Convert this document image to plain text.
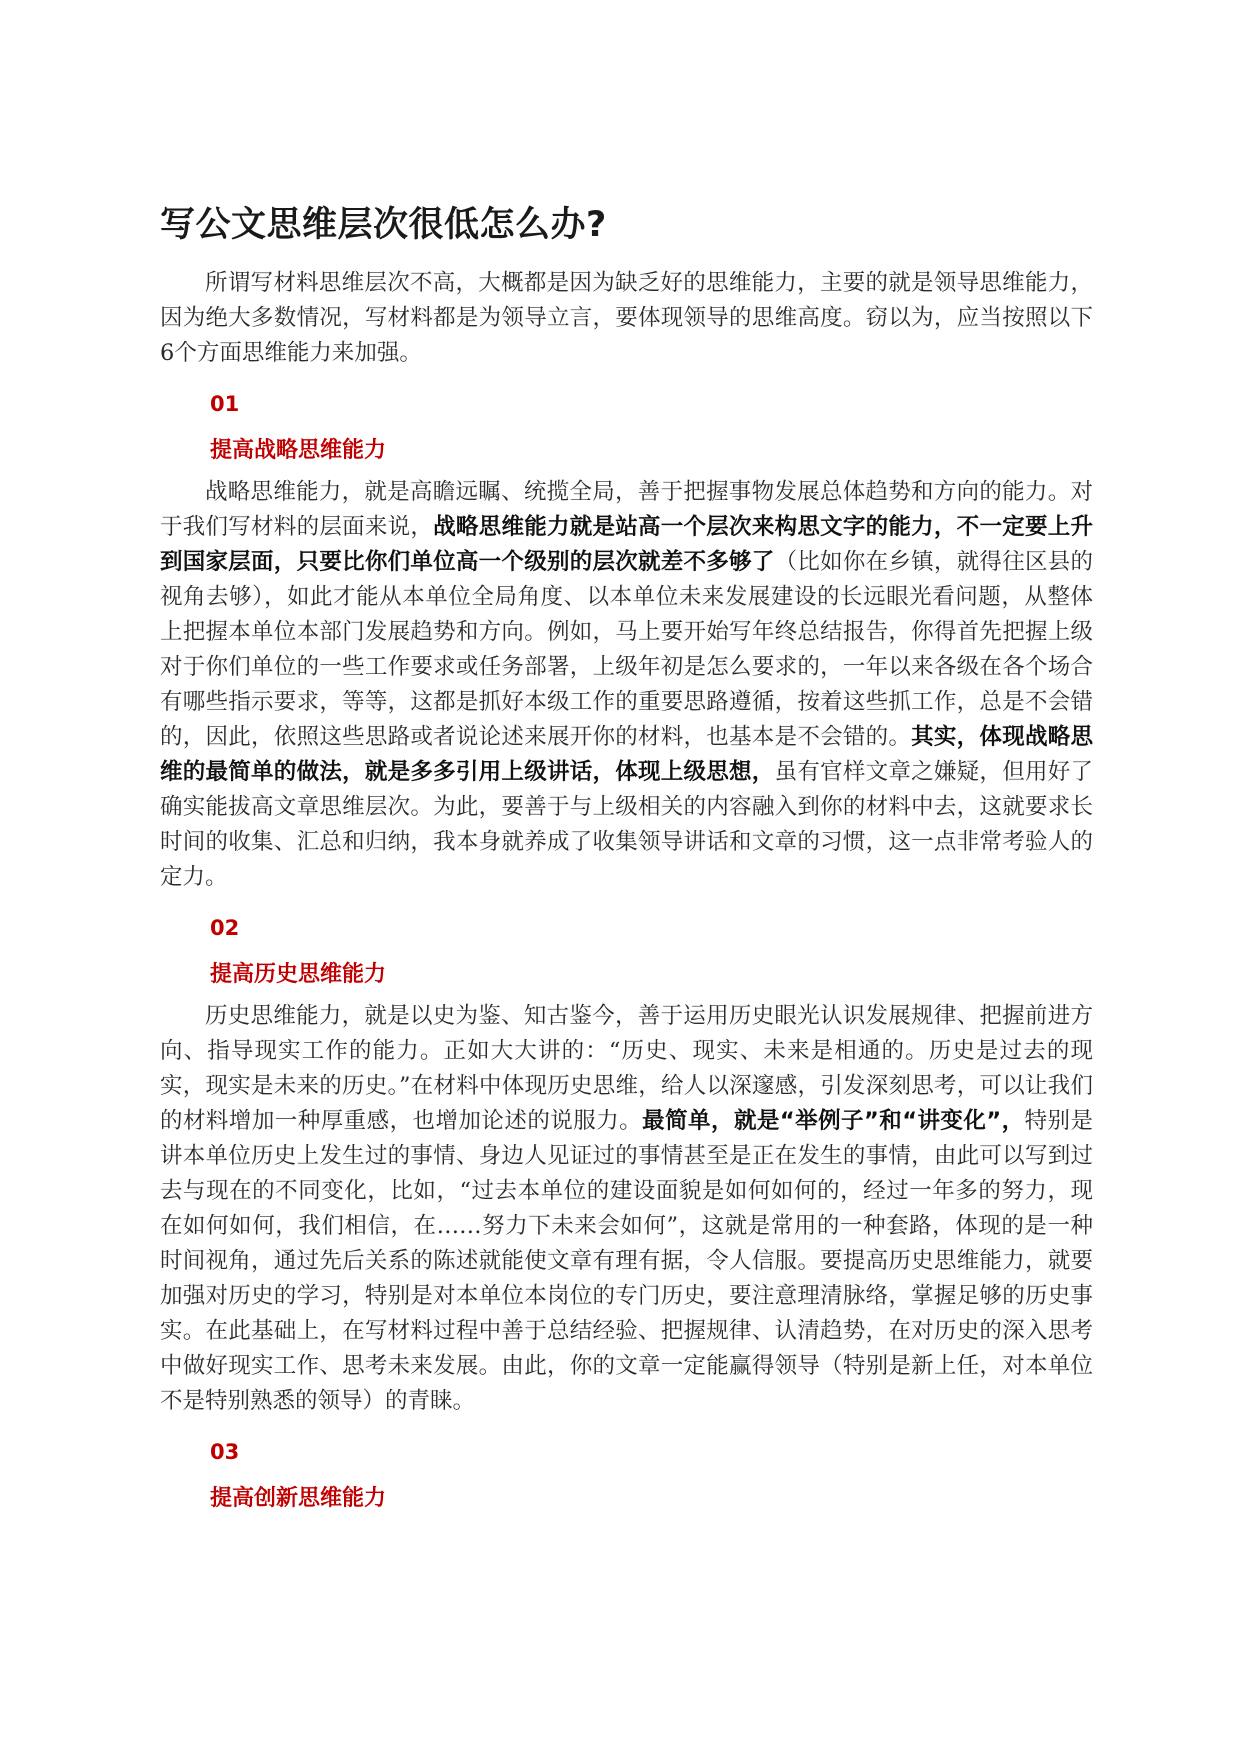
写公文思维层次很低怎么办?

所谓写材料思维层次不高，大概都是因为缺乏好的思维能力，主要的就是领导思维能力，因为绝大多数情况，写材料都是为领导立言，要体现领导的思维高度。窃以为，应当按照以下6个方面思维能力来加强。

01
提高战略思维能力

战略思维能力，就是高瞻远瞩、统揽全局，善于把握事物发展总体趋势和方向的能力。对于我们写材料的层面来说，战略思维能力就是站高一个层次来构思文字的能力，不一定要上升到国家层面，只要比你们单位高一个级别的层次就差不多够了（比如你在乡镇，就得往区县的视角去够），如此才能从本单位全局角度、以本单位未来发展建设的长远眼光看问题，从整体上把握本单位本部门发展趋势和方向。例如，马上要开始写年终总结报告，你得首先把握上级对于你们单位的一些工作要求或任务部署，上级年初是怎么要求的，一年以来各级在各个场合有哪些指示要求，等等，这都是抓好本级工作的重要思路遵循，按着这些抓工作，总是不会错的，因此，依照这些思路或者说论述来展开你的材料，也基本是不会错的。其实，体现战略思维的最简单的做法，就是多多引用上级讲话，体现上级思想，虽有官样文章之嫌疑，但用好了确实能拔高文章思维层次。为此，要善于与上级相关的内容融入到你的材料中去，这就要求长时间的收集、汇总和归纳，我本身就养成了收集领导讲话和文章的习惯，这一点非常考验人的定力。

02
提高历史思维能力

历史思维能力，就是以史为鉴、知古鉴今，善于运用历史眼光认识发展规律、把握前进方向、指导现实工作的能力。正如大大讲的：“历史、现实、未来是相通的。历史是过去的现实，现实是未来的历史。”在材料中体现历史思维，给人以深邃感，引发深刻思考，可以让我们的材料增加一种厚重感，也增加论述的说服力。最简单，就是“举例子”和“讲变化”，特别是讲本单位历史上发生过的事情、身边人见证过的事情甚至是正在发生的事情，由此可以写到过去与现在的不同变化，比如，“过去本单位的建设面貌是如何如何的，经过一年多的努力，现在如何如何，我们相信，在……努力下未来会如何”，这就是常用的一种套路，体现的是一种时间视角，通过先后关系的陈述就能使文章有理有据，令人信服。要提高历史思维能力，就要加强对历史的学习，特别是对本单位本岗位的专门历史，要注意理清脉络，掌握足够的历史事实。在此基础上，在写材料过程中善于总结经验、把握规律、认清趋势，在对历史的深入思考中做好现实工作、思考未来发展。由此，你的文章一定能赢得领导（特别是新上任，对本单位不是特别熟悉的领导）的青睐。

03
提高创新思维能力
